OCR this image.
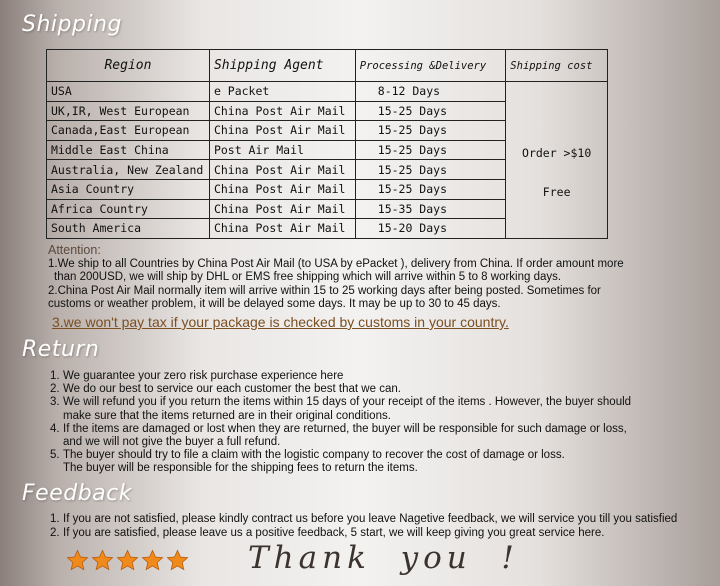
Shipping
Region	Shipping Agent	Processing &Delivery	Shipping cost
USA	e Packet	8-12 Days	Order >$10
Free

UK,IR, West European	China Post Air Mail	15-25 Days	
Canada,East European	China Post Air Mail	15-25 Days	
Middle East China	Post Air Mail	15-25 Days	
Australia, New Zealand	China Post Air Mail	15-25 Days	
Asia Country	China Post Air Mail	15-25 Days	
Africa Country	China Post Air Mail	15-35 Days	
South America	China Post Air Mail	15-20 Days	
Attention:
1.We ship to all Countries by China Post Air Mail (to USA by ePacket ), delivery from China. If order amount more
than 200USD, we will ship by DHL or EMS free shipping which will arrive within 5 to 8 working days.
2.China Post Air Mail normally item will arrive within 15 to 25 working days after being posted. Sometimes for
customs or weather problem, it will be delayed some days. It may be up to 30 to 45 days.
3.we won't pay tax if your package is checked by customs in your country.
Return
1. We guarantee your zero risk purchase experience here
2. We do our best to service our each customer the best that we can.
3. We will refund you if you return the items within 15 days of your receipt of the items . However, the buyer should
make sure that the items returned are in their original conditions.
4. If the items are damaged or lost when they are returned, the buyer will be responsible for such damage or loss,
and we will not give the buyer a full refund.
5. The buyer should try to file a claim with the logistic company to recover the cost of damage or loss.
The buyer will be responsible for the shipping fees to return the items.
Feedback
1. If you are not satisfied, please kindly contract us before you leave Nagetive feedback, we will service you till you satisfied
2. If you are satisfied, please leave us a positive feedback, 5 start, we will keep giving you great service here.
Thank  you  !
